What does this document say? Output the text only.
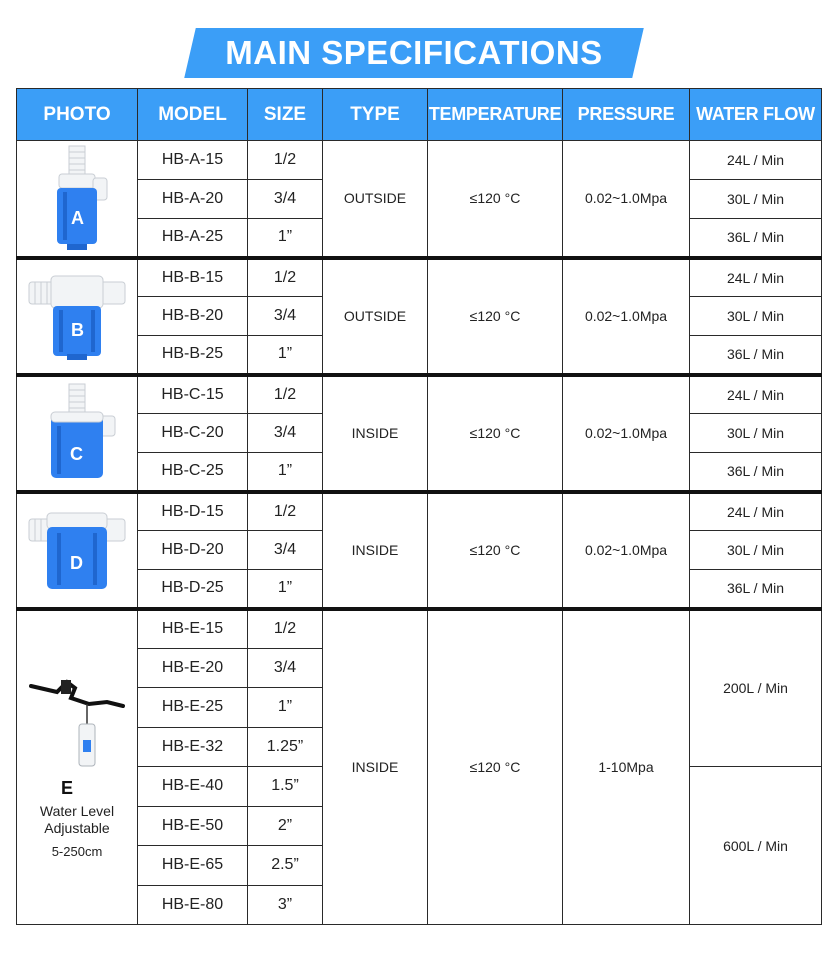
MAIN SPECIFICATIONS
PHOTO	MODEL	SIZE	TYPE	TEMPERATURE	PRESSURE	WATER FLOW

A	HB-A-15	1/2	OUTSIDE	≤120 °C	0.02~1.0Mpa	24L / Min
	HB-A-20	3/4				30L / Min
	HB-A-25	1”				36L / Min

B	HB-B-15	1/2	OUTSIDE	≤120 °C	0.02~1.0Mpa	24L / Min
	HB-B-20	3/4				30L / Min
	HB-B-25	1”				36L / Min

C	HB-C-15	1/2	INSIDE	≤120 °C	0.02~1.0Mpa	24L / Min
	HB-C-20	3/4				30L / Min
	HB-C-25	1”				36L / Min

D	HB-D-15	1/2	INSIDE	≤120 °C	0.02~1.0Mpa	24L / Min
	HB-D-20	3/4				30L / Min
	HB-D-25	1”				36L / Min

E
Water Level
Adjustable
5-250cm	HB-E-15	1/2	INSIDE	≤120 °C	1-10Mpa	200L / Min
	HB-E-20	3/4				
	HB-E-25	1”				
	HB-E-32	1.25”				
	HB-E-40	1.5”				600L / Min
	HB-E-50	2”				
	HB-E-65	2.5”				
	HB-E-80	3”				
